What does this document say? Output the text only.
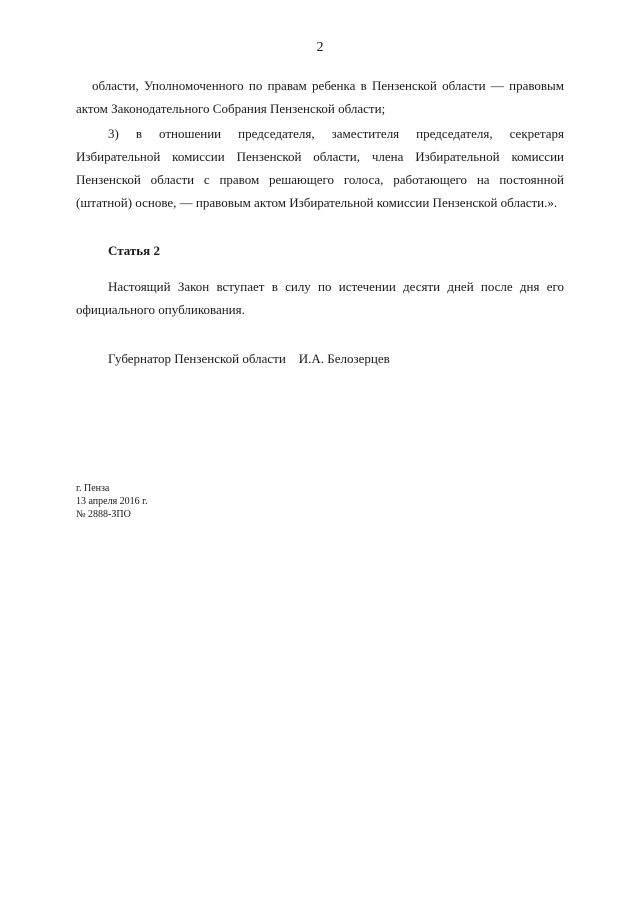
2

области, Уполномоченного по правам ребенка в Пензенской области — правовым актом Законодательного Собрания Пензенской области;

3) в отношении председателя, заместителя председателя, секретаря Избирательной комиссии Пензенской области, члена Избирательной комиссии Пензенской области с правом решающего голоса, работающего на постоянной (штатной) основе, — правовым актом Избирательной комиссии Пензенской области.».

Статья 2

Настоящий Закон вступает в силу по истечении десяти дней после дня его официального опубликования.

Губернатор Пензенской области И.А. Белозерцев
г. Пенза
13 апреля 2016 г.
№ 2888-ЗПО
